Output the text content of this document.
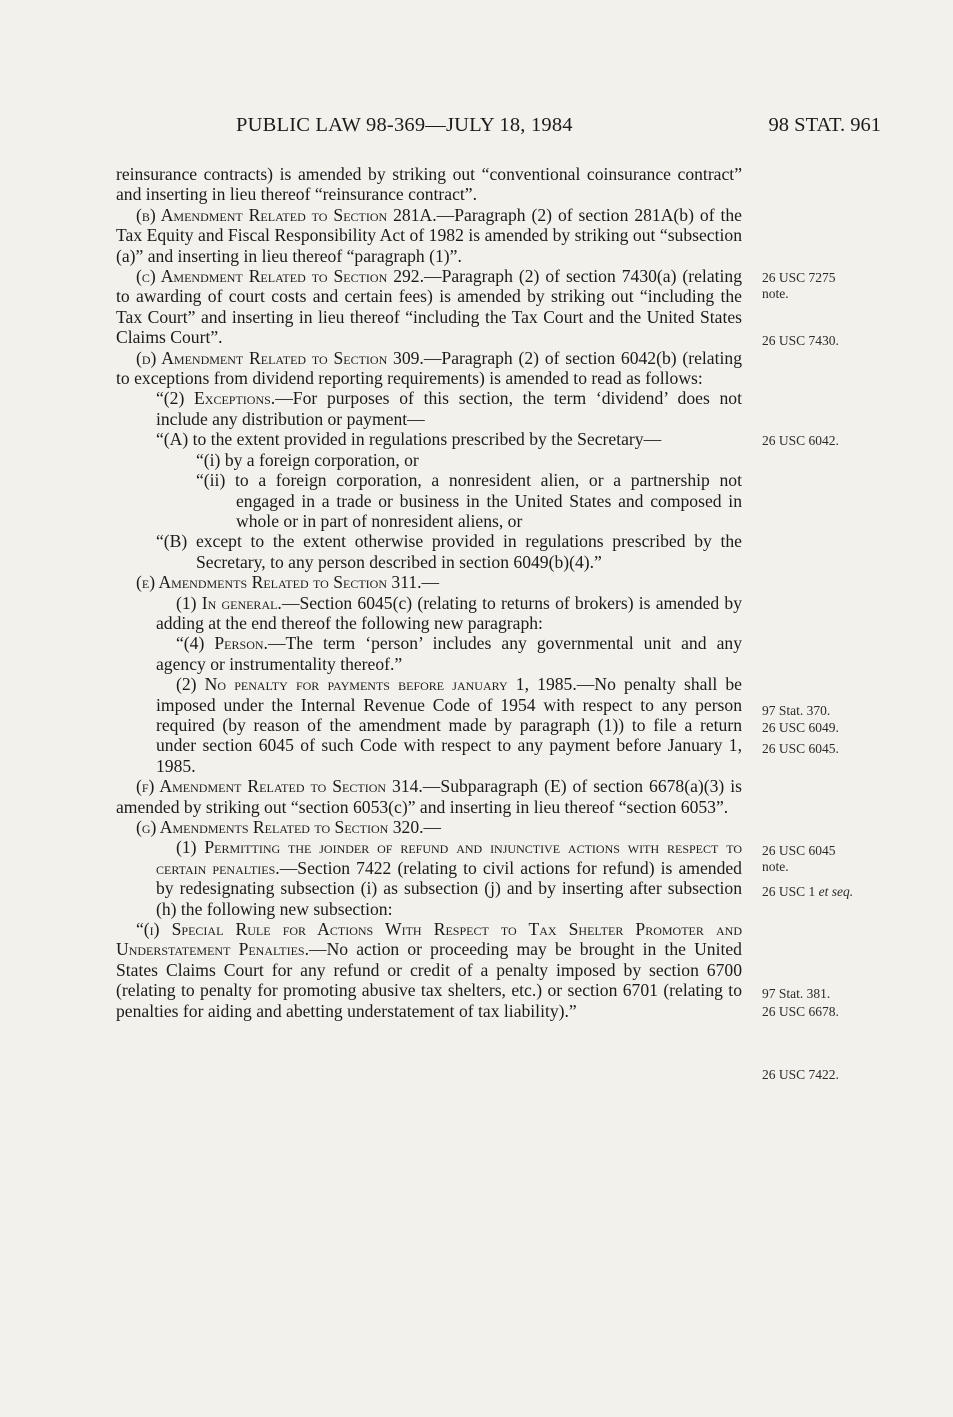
PUBLIC LAW 98-369—JULY 18, 1984	98 STAT. 961

reinsurance contracts) is amended by striking out “conventional coinsurance contract” and inserting in lieu thereof “reinsurance contract”.

(b) Amendment Related to Section 281A.—Paragraph (2) of section 281A(b) of the Tax Equity and Fiscal Responsibility Act of 1982 is amended by striking out “subsection (a)” and inserting in lieu thereof “paragraph (1)”.

(c) Amendment Related to Section 292.—Paragraph (2) of section 7430(a) (relating to awarding of court costs and certain fees) is amended by striking out “including the Tax Court” and inserting in lieu thereof “including the Tax Court and the United States Claims Court”.

(d) Amendment Related to Section 309.—Paragraph (2) of section 6042(b) (relating to exceptions from dividend reporting requirements) is amended to read as follows:

“(2) Exceptions.—For purposes of this section, the term ‘dividend’ does not include any distribution or payment—

“(A) to the extent provided in regulations prescribed by the Secretary—

“(i) by a foreign corporation, or

“(ii) to a foreign corporation, a nonresident alien, or a partnership not engaged in a trade or business in the United States and composed in whole or in part of nonresident aliens, or

“(B) except to the extent otherwise provided in regulations prescribed by the Secretary, to any person described in section 6049(b)(4).”

(e) Amendments Related to Section 311.—

(1) In general.—Section 6045(c) (relating to returns of brokers) is amended by adding at the end thereof the following new paragraph:

“(4) Person.—The term ‘person’ includes any governmental unit and any agency or instrumentality thereof.”

(2) No penalty for payments before january 1, 1985.—No penalty shall be imposed under the Internal Revenue Code of 1954 with respect to any person required (by reason of the amendment made by paragraph (1)) to file a return under section 6045 of such Code with respect to any payment before January 1, 1985.

(f) Amendment Related to Section 314.—Subparagraph (E) of section 6678(a)(3) is amended by striking out “section 6053(c)” and inserting in lieu thereof “section 6053”.

(g) Amendments Related to Section 320.—

(1) Permitting the joinder of refund and injunctive actions with respect to certain penalties.—Section 7422 (relating to civil actions for refund) is amended by redesignating subsection (i) as subsection (j) and by inserting after subsection (h) the following new subsection:

“(i) Special Rule for Actions With Respect to Tax Shelter Promoter and Understatement Penalties.—No action or proceeding may be brought in the United States Claims Court for any refund or credit of a penalty imposed by section 6700 (relating to penalty for promoting abusive tax shelters, etc.) or section 6701 (relating to penalties for aiding and abetting understatement of tax liability).”

26 USC 7275 note.
26 USC 7430.
26 USC 6042.
97 Stat. 370.
26 USC 6049.
26 USC 6045.
26 USC 6045 note.
26 USC 1 et seq.
97 Stat. 381.
26 USC 6678.
26 USC 7422.
